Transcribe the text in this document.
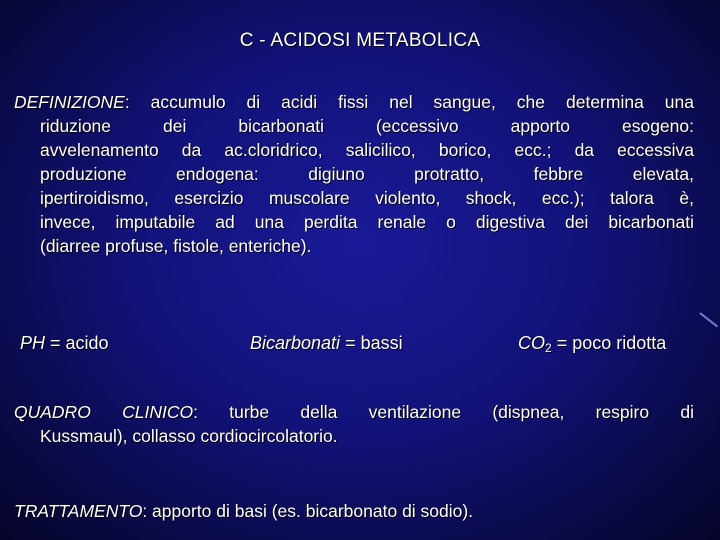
C - ACIDOSI METABOLICA
DEFINIZIONE: accumulo di acidi fissi nel sangue, che determina una
riduzione dei bicarbonati (eccessivo apporto esogeno:
avvelenamento da ac.cloridrico, salicilico, borico, ecc.; da eccessiva
produzione endogena: digiuno protratto, febbre elevata,
ipertiroidismo, esercizio muscolare violento, shock, ecc.); talora è,
invece, imputabile ad una perdita renale o digestiva dei bicarbonati
(diarree profuse, fistole, enteriche).
PH = acido	Bicarbonati = bassi	$CO_2$ = poco ridotta
QUADRO CLINICO: turbe della ventilazione (dispnea, respiro di
Kussmaul), collasso cordiocircolatorio.
TRATTAMENTO: apporto di basi (es. bicarbonato di sodio).
